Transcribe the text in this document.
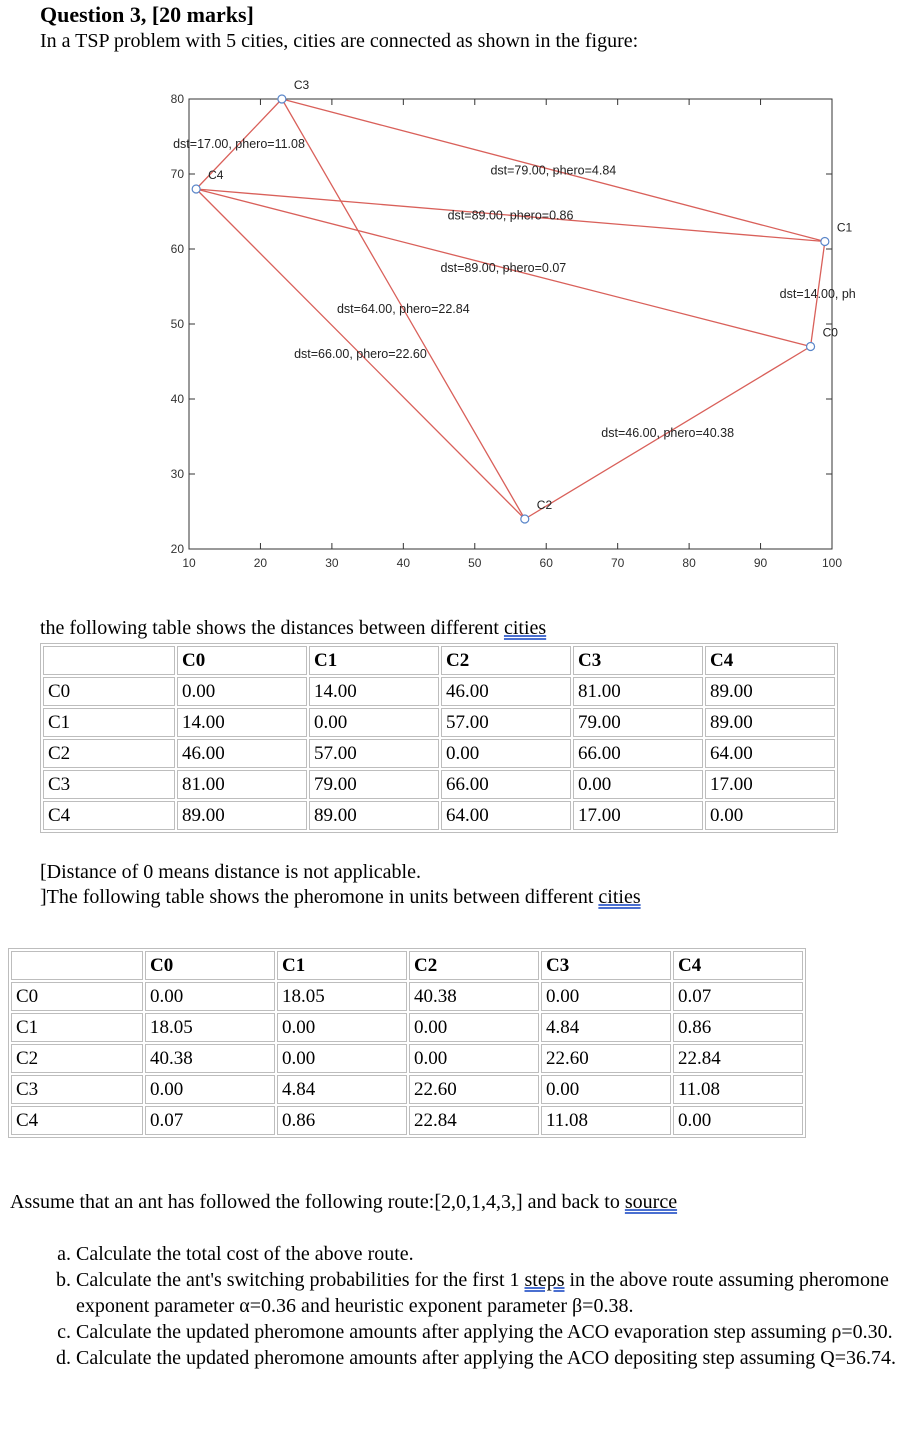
Question 3, [20 marks]
In a TSP problem with 5 cities, cities are connected as shown in the figure:
10	20	30	40	50	60	70	80	90	100
20
30
40
50
60
70
80
dst=17.00, phero=11.08
dst=79.00, phero=4.84
dst=89.00, phero=0.86
dst=89.00, phero=0.07
dst=66.00, phero=22.60
dst=64.00, phero=22.84
dst=14.00, ph
dst=46.00, phero=40.38
C0
C1
C2
C3
C4
the following table shows the distances between different cities
	C0	C1	C2	C3	C4
C0	0.00	14.00	46.00	81.00	89.00
C1	14.00	0.00	57.00	79.00	89.00
C2	46.00	57.00	0.00	66.00	64.00
C3	81.00	79.00	66.00	0.00	17.00
C4	89.00	89.00	64.00	17.00	0.00
[Distance of 0 means distance is not applicable.
]The following table shows the pheromone in units between different cities
	C0	C1	C2	C3	C4
C0	0.00	18.05	40.38	0.00	0.07
C1	18.05	0.00	0.00	4.84	0.86
C2	40.38	0.00	0.00	22.60	22.84
C3	0.00	4.84	22.60	0.00	11.08
C4	0.07	0.86	22.84	11.08	0.00
Assume that an ant has followed the following route:[2,0,1,4,3,] and back to source
a. Calculate the total cost of the above route.
b. Calculate the ant's switching probabilities for the first 1 steps in the above route assuming pheromone exponent parameter α=0.36 and heuristic exponent parameter β=0.38.
c. Calculate the updated pheromone amounts after applying the ACO evaporation step assuming ρ=0.30.
d. Calculate the updated pheromone amounts after applying the ACO depositing step assuming Q=36.74.
